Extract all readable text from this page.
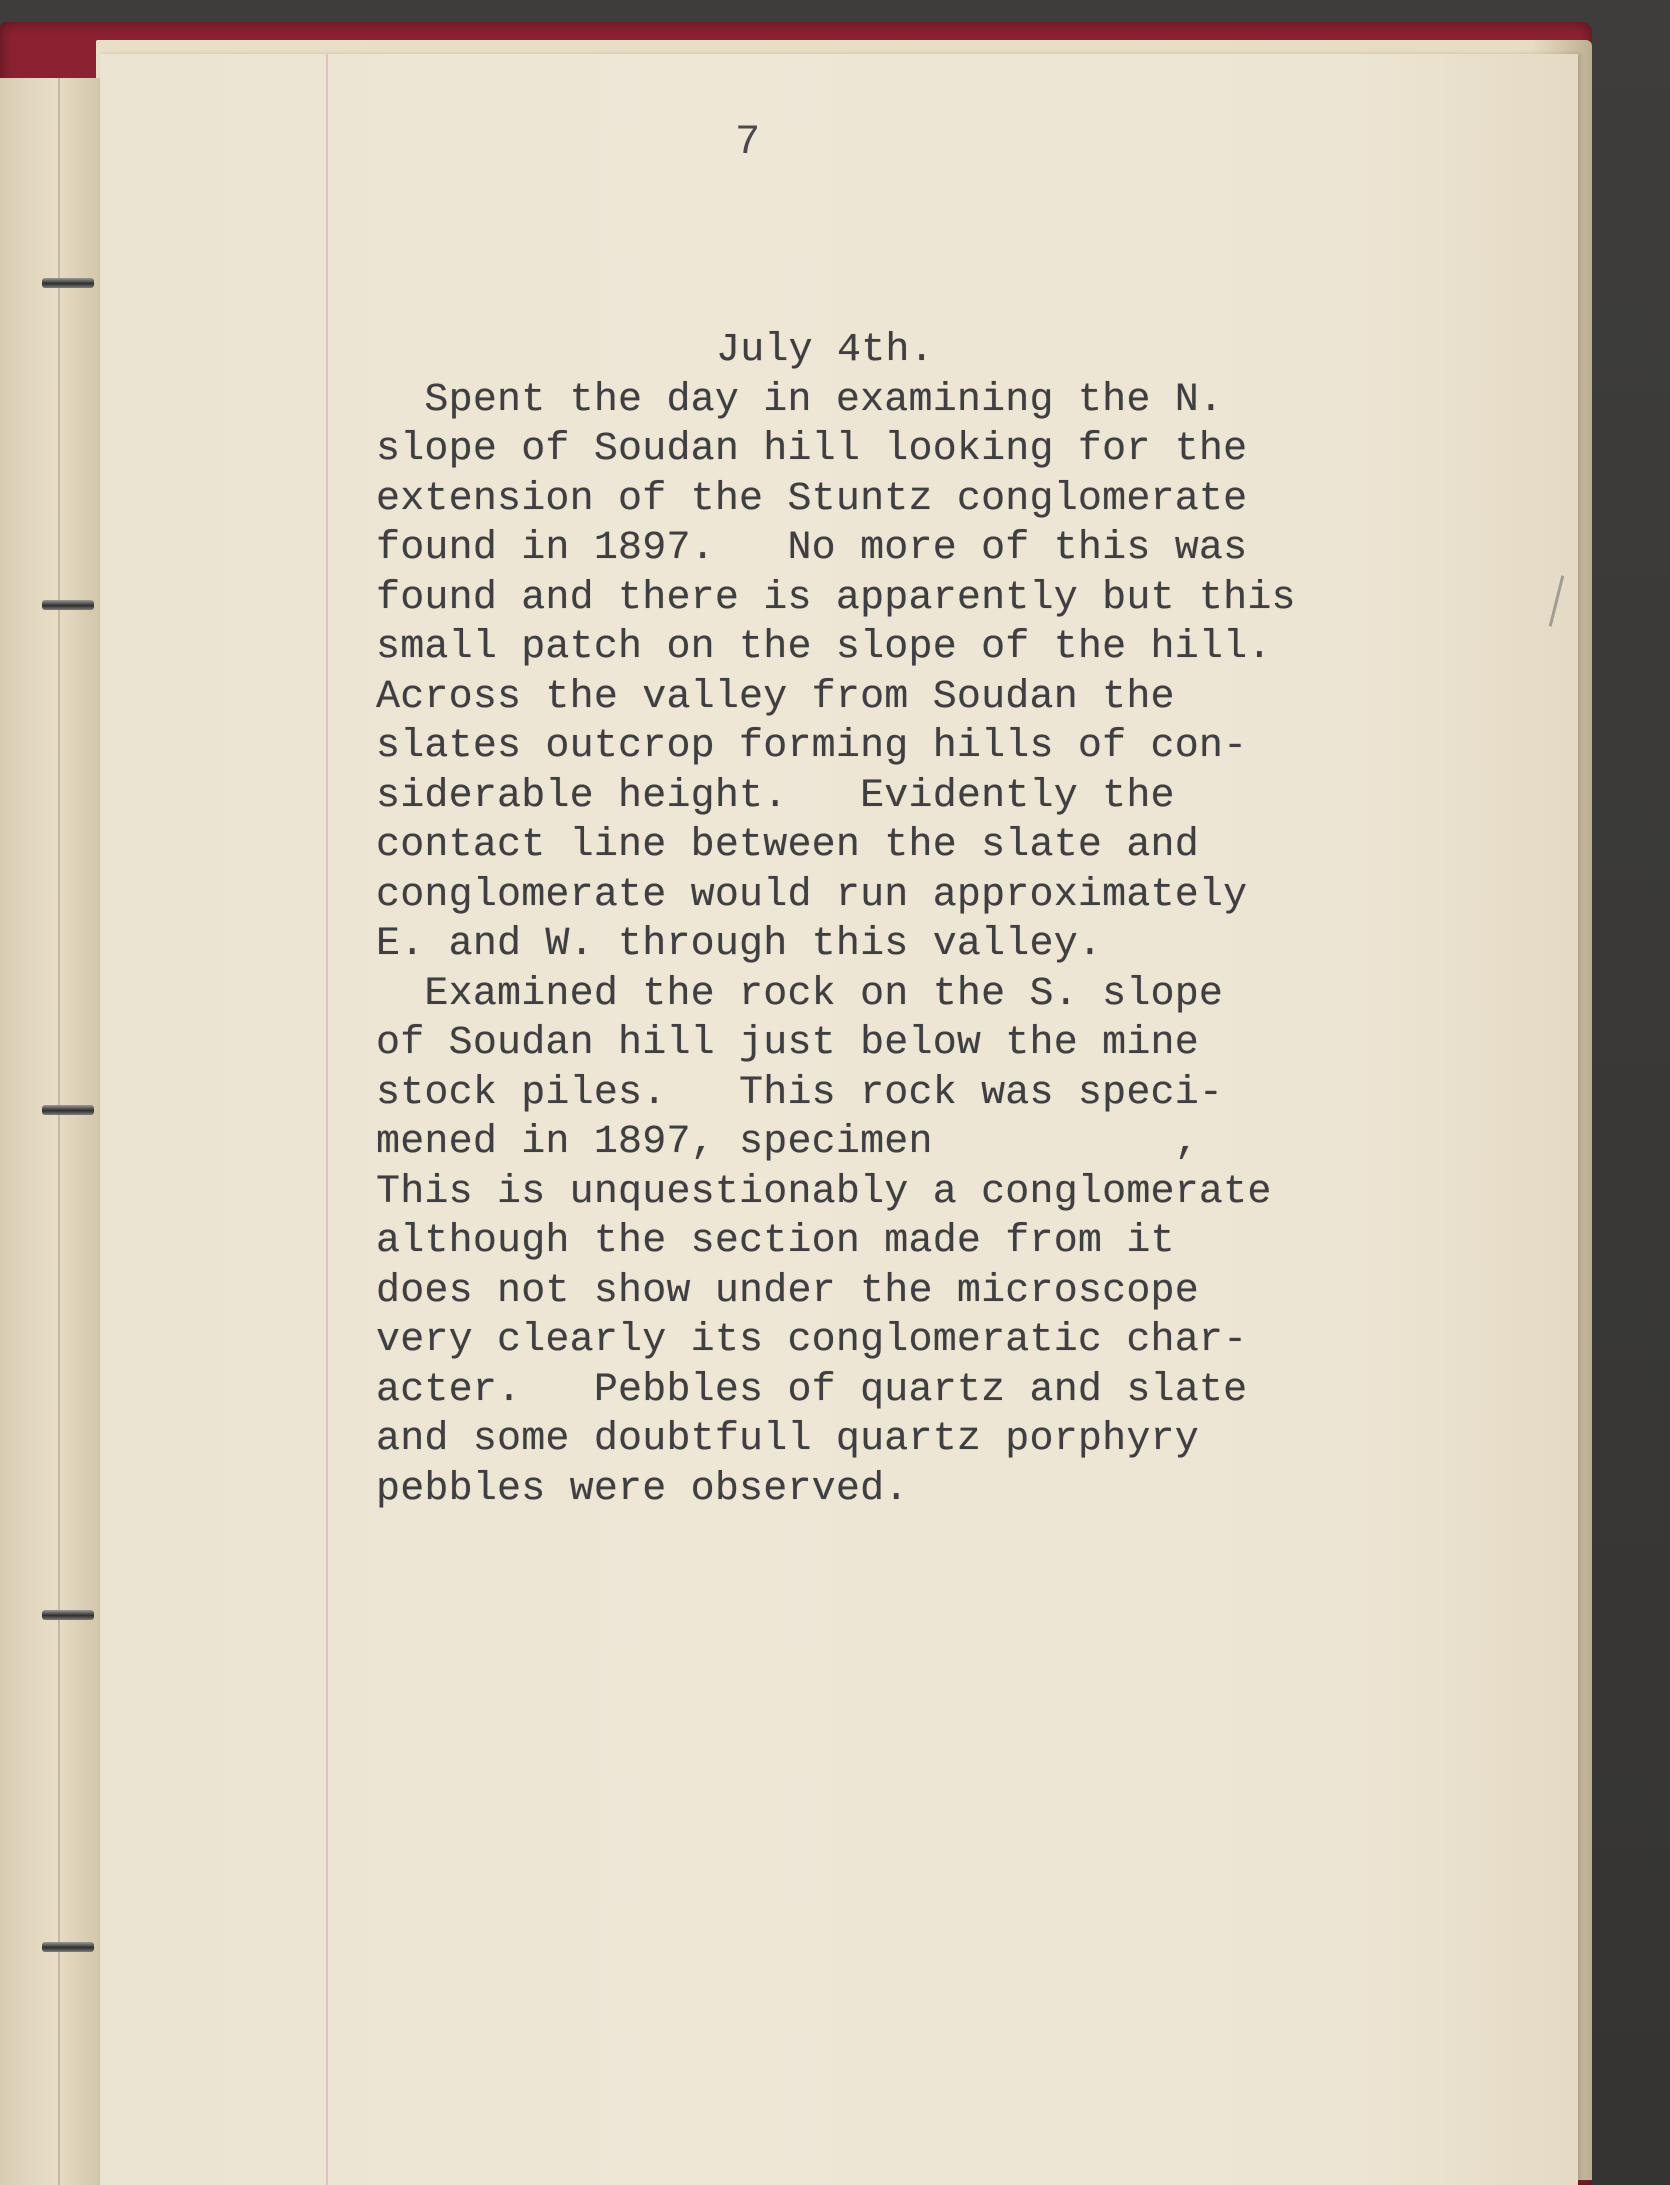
7
July 4th.
Spent the day in examining the N.
slope of Soudan hill looking for the
extension of the Stuntz conglomerate
found in 1897.   No more of this was
found and there is apparently but this
small patch on the slope of the hill.
Across the valley from Soudan the
slates outcrop forming hills of con-
siderable height.   Evidently the
contact line between the slate and
conglomerate would run approximately
E. and W. through this valley.
Examined the rock on the S. slope
of Soudan hill just below the mine
stock piles.   This rock was speci-
mened in 1897, specimen          ,
This is unquestionably a conglomerate
although the section made from it
does not show under the microscope
very clearly its conglomeratic char-
acter.   Pebbles of quartz and slate
and some doubtfull quartz porphyry
pebbles were observed.
